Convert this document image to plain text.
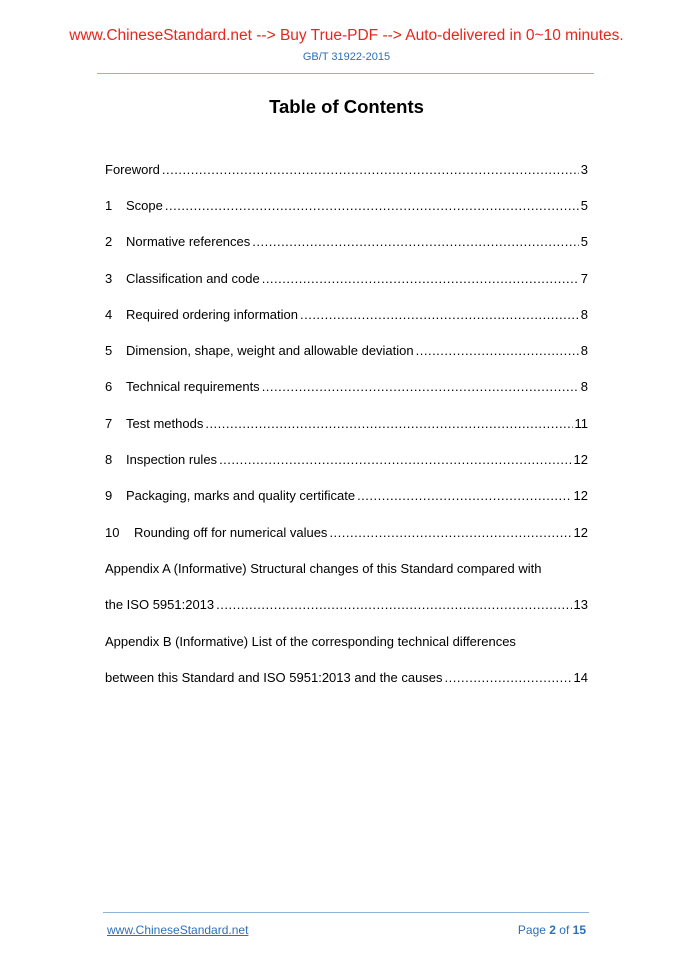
www.ChineseStandard.net --> Buy True-PDF --> Auto-delivered in 0~10 minutes.
GB/T 31922-2015
Table of Contents
Foreword .....	3
1	Scope .....	5
2	Normative references .....	5
3	Classification and code .....	7
4	Required ordering information .....	8
5	Dimension, shape, weight and allowable deviation .....	8
6	Technical requirements .....	8
7	Test methods .....	11
8	Inspection rules .....	12
9	Packaging, marks and quality certificate .....	12
10	Rounding off for numerical values .....	12
Appendix A (Informative) Structural changes of this Standard compared with
the ISO 5951:2013 .....	13
Appendix B (Informative) List of the corresponding technical differences
between this Standard and ISO 5951:2013 and the causes .....	14
www.ChineseStandard.net	Page 2 of 15
